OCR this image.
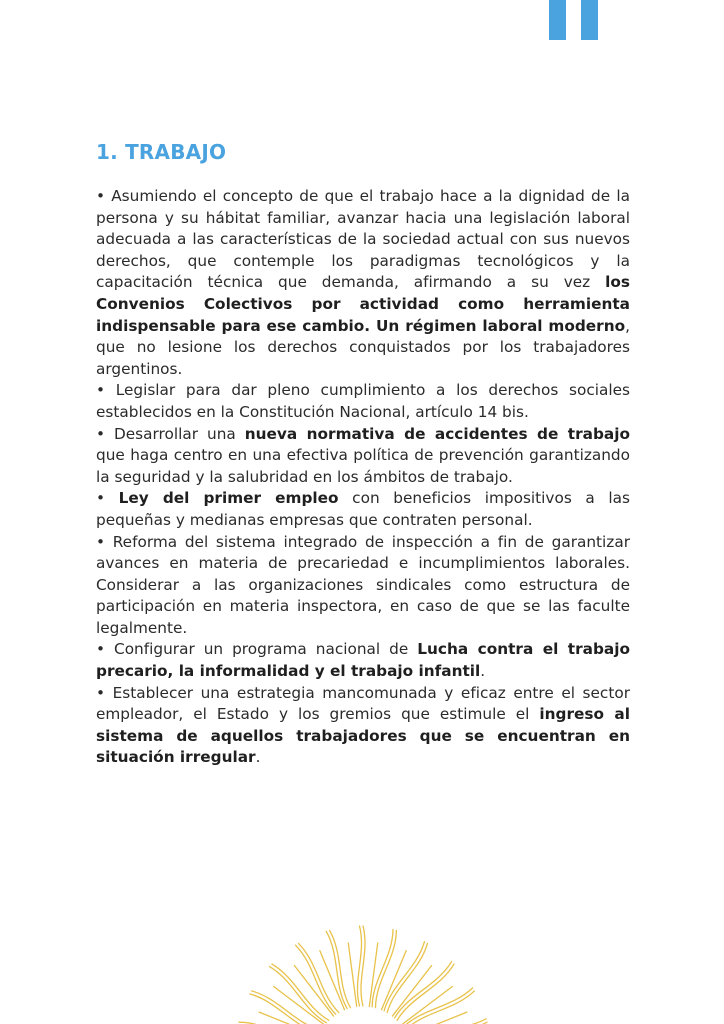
1. TRABAJO

• Asumiendo el concepto de que el trabajo hace a la dignidad de la persona y su hábitat familiar, avanzar hacia una legislación laboral adecuada a las características de la sociedad actual con sus nuevos derechos, que contemple los paradigmas tecnológicos y la capacitación técnica que demanda, afirmando a su vez los Convenios Colectivos por actividad como herramienta indispensable para ese cambio. Un régimen laboral moderno, que no lesione los derechos conquistados por los trabajadores argentinos.

• Legislar para dar pleno cumplimiento a los derechos sociales establecidos en la Constitución Nacional, artículo 14 bis.

• Desarrollar una nueva normativa de accidentes de trabajo que haga centro en una efectiva política de prevención garantizando la seguridad y la salubridad en los ámbitos de trabajo.

• Ley del primer empleo con beneficios impositivos a las pequeñas y medianas empresas que contraten personal.

• Reforma del sistema integrado de inspección a fin de garantizar avances en materia de precariedad e incumplimientos laborales. Considerar a las organizaciones sindicales como estructura de participación en materia inspectora, en caso de que se las faculte legalmente.

• Configurar un programa nacional de Lucha contra el trabajo precario, la informalidad y el trabajo infantil.

• Establecer una estrategia mancomunada y eficaz entre el sector empleador, el Estado y los gremios que estimule el ingreso al sistema de aquellos trabajadores que se encuentran en situación irregular.
